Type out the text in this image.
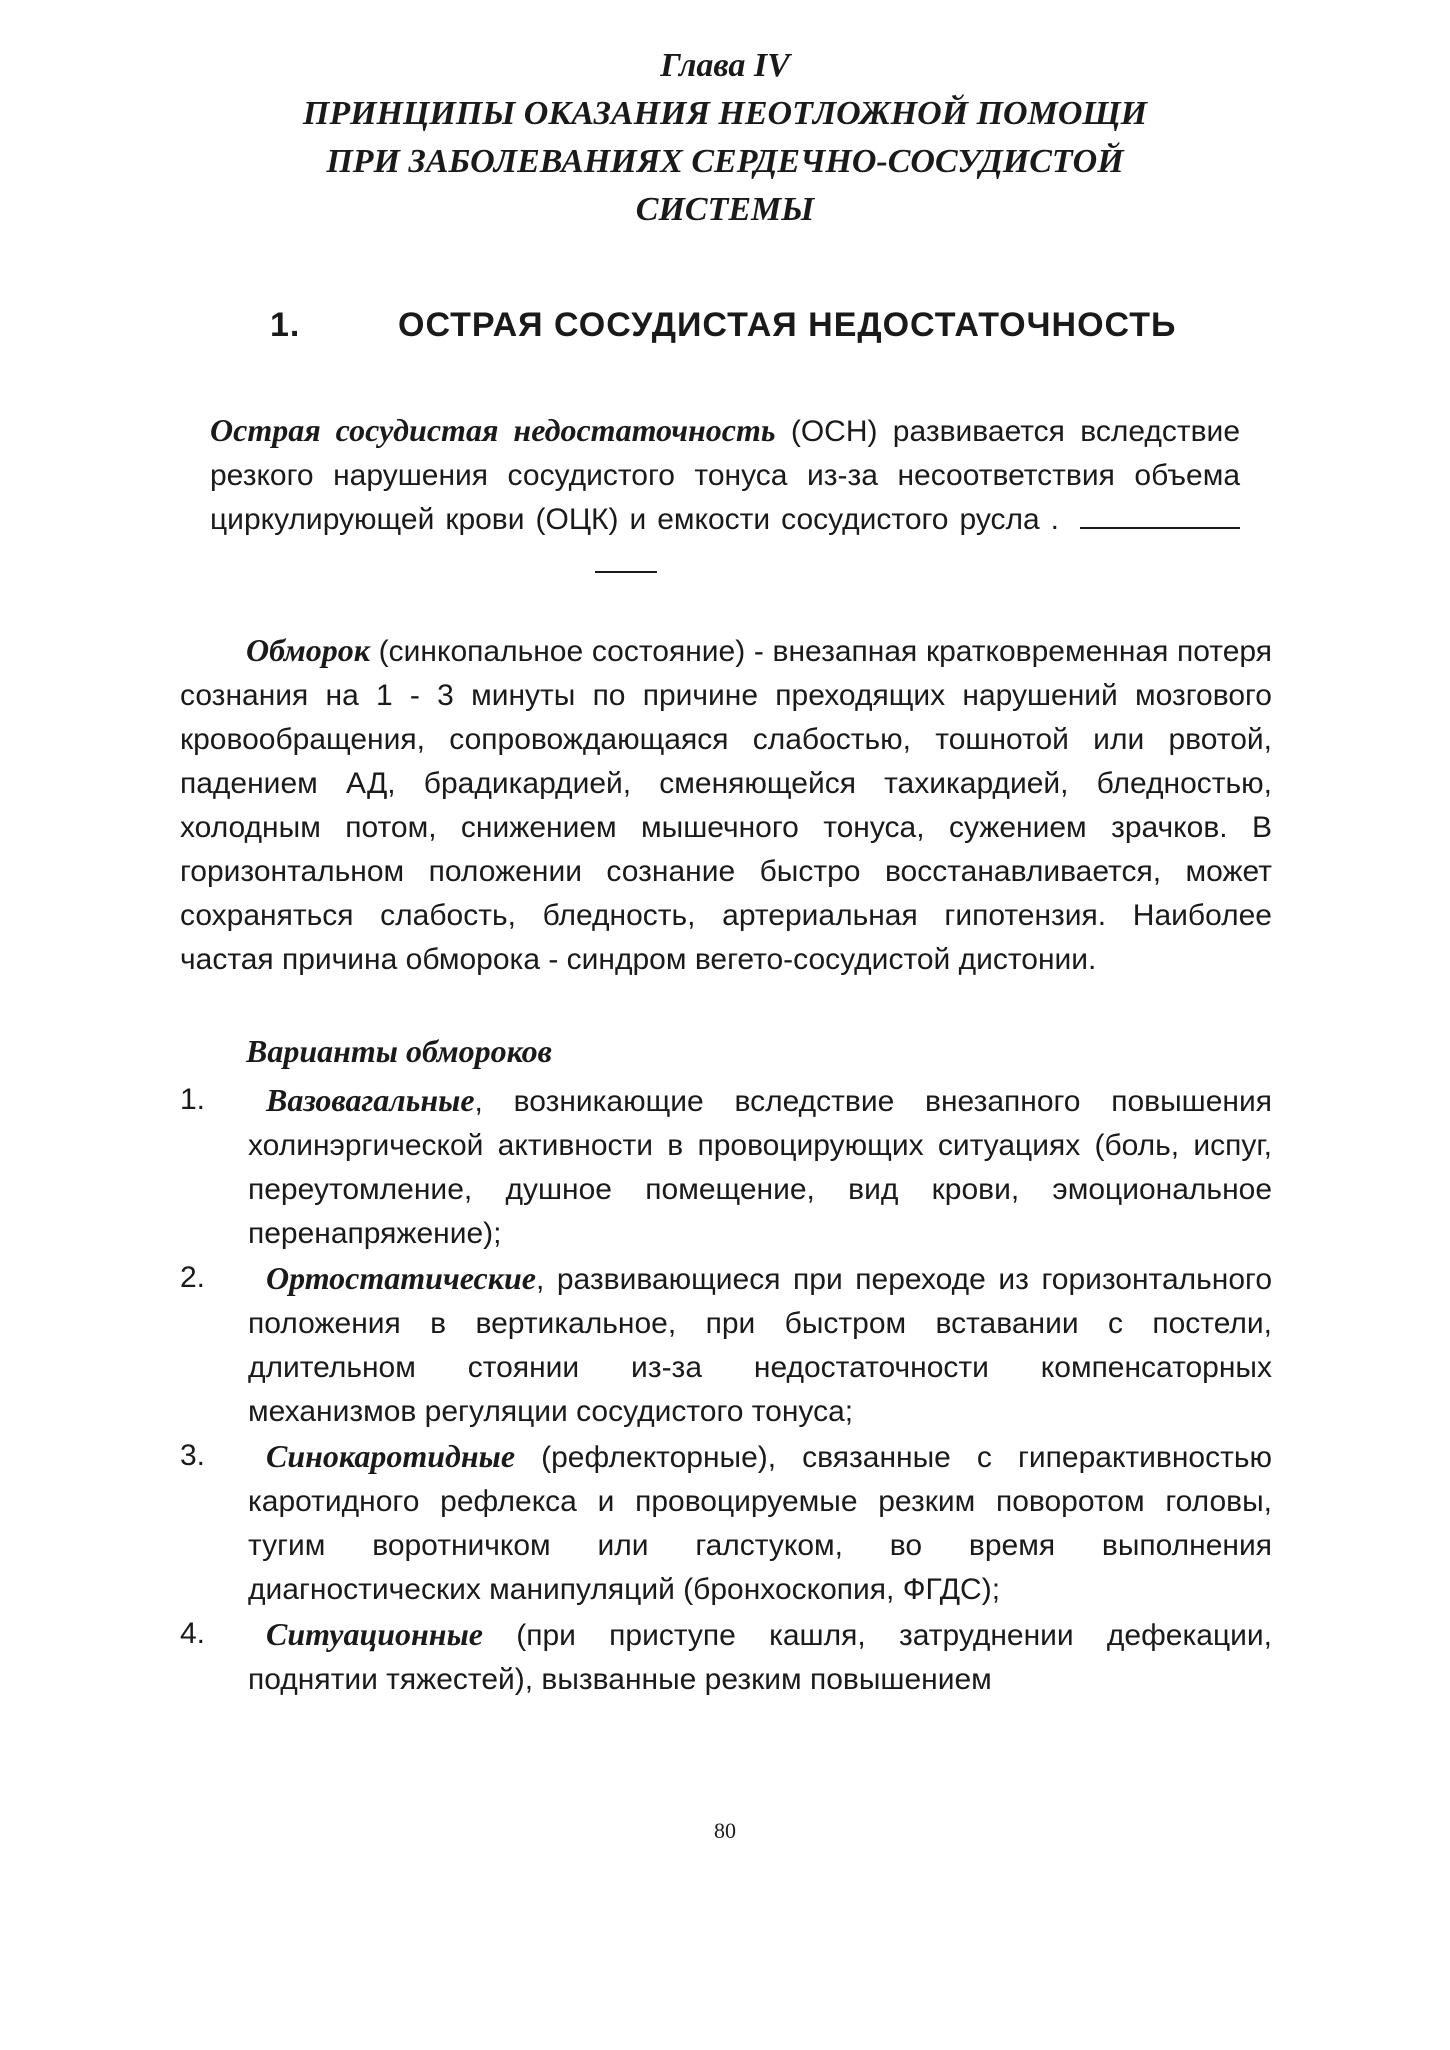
Глава IV
ПРИНЦИПЫ ОКАЗАНИЯ НЕОТЛОЖНОЙ ПОМОЩИ
ПРИ ЗАБОЛЕВАНИЯХ СЕРДЕЧНО-СОСУДИСТОЙ
СИСТЕМЫ
1.	ОСТРАЯ СОСУДИСТАЯ НЕДОСТАТОЧНОСТЬ
Острая сосудистая недостаточность (ОСН) развивается вследствие резкого нарушения сосудистого тонуса из-за несоответствия объема циркулирующей крови (ОЦК) и емкости сосудистого русла .
Обморок (синкопальное состояние) - внезапная кратковременная потеря сознания на 1 - 3 минуты по причине преходящих нарушений мозгового кровообращения, сопровождающаяся слабостью, тошнотой или рвотой, падением АД, брадикардией, сменяющейся тахикардией, бледностью, холодным потом, снижением мышечного тонуса, сужением зрачков. В горизонтальном положении сознание быстро восстанавливается, может сохраняться слабость, бледность, артериальная гипотензия. Наиболее частая причина обморока - синдром вегето-сосудистой дистонии.
Варианты обмороков
1.	Вазовагальные, возникающие вследствие внезапного повышения холинэргической активности в провоцирующих ситуациях (боль, испуг, переутомление, душное помещение, вид крови, эмоциональное перенапряжение);
2.	Ортостатические, развивающиеся при переходе из горизонтального положения в вертикальное, при быстром вставании с постели, длительном стоянии из-за недостаточности компенсаторных механизмов регуляции сосудистого тонуса;
3.	Синокаротидные (рефлекторные), связанные с гиперактивностью каротидного рефлекса и провоцируемые резким поворотом головы, тугим воротничком или галстуком, во время выполнения диагностических манипуляций (бронхоскопия, ФГДС);
4.	Ситуационные (при приступе кашля, затруднении дефекации, поднятии тяжестей), вызванные резким повышением
80
